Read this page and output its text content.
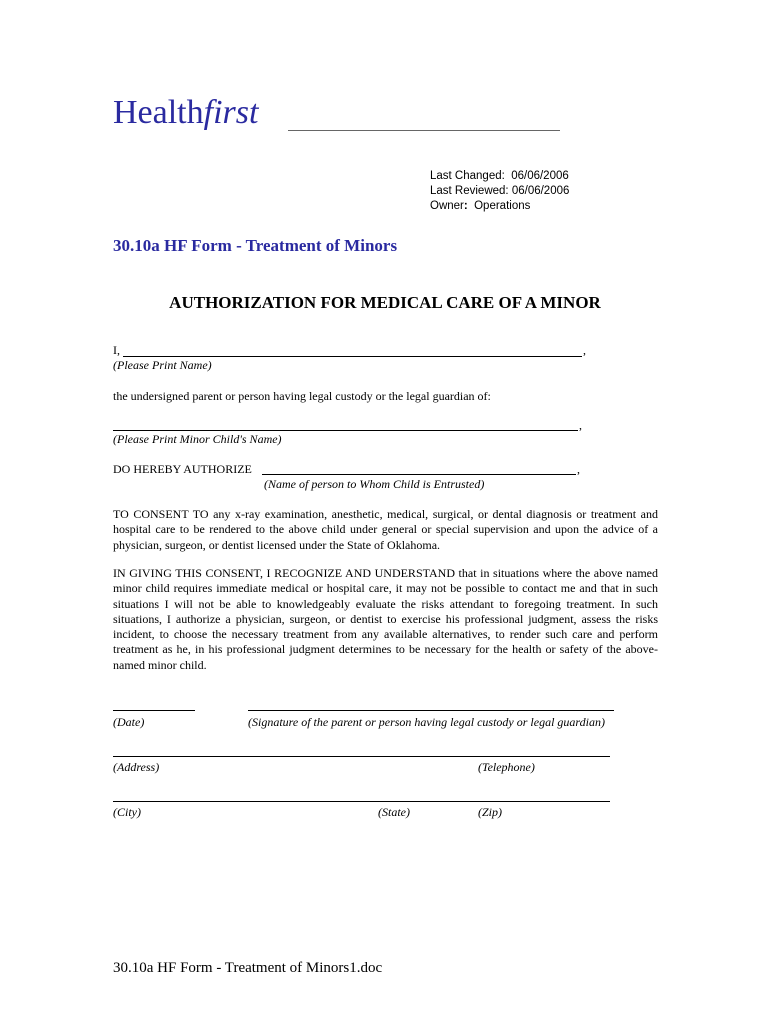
Healthfirst
Last Changed: 06/06/2006
Last Reviewed: 06/06/2006
Owner: Operations
30.10a HF Form - Treatment of Minors
AUTHORIZATION FOR MEDICAL CARE OF A MINOR
I,	,
(Please Print Name)
the undersigned parent or person having legal custody or the legal guardian of:
,
(Please Print Minor Child's Name)
DO HEREBY AUTHORIZE	,
(Name of person to Whom Child is Entrusted)
TO CONSENT TO any x-ray examination, anesthetic, medical, surgical, or dental diagnosis or treatment and hospital care to be rendered to the above child under general or special supervision and upon the advice of a physician, surgeon, or dentist licensed under the State of Oklahoma.
IN GIVING THIS CONSENT, I RECOGNIZE AND UNDERSTAND that in situations where the above named minor child requires immediate medical or hospital care, it may not be possible to contact me and that in such situations I will not be able to knowledgeably evaluate the risks attendant to foregoing treatment. In such situations, I authorize a physician, surgeon, or dentist to exercise his professional judgment, assess the risks incident, to choose the necessary treatment from any available alternatives, to render such care and perform treatment as he, in his professional judgment determines to be necessary for the health or safety of the above-named minor child.
(Date)	(Signature of the parent or person having legal custody or legal guardian)
(Address)	(Telephone)
(City)	(State)	(Zip)
30.10a HF Form - Treatment of Minors1.doc
